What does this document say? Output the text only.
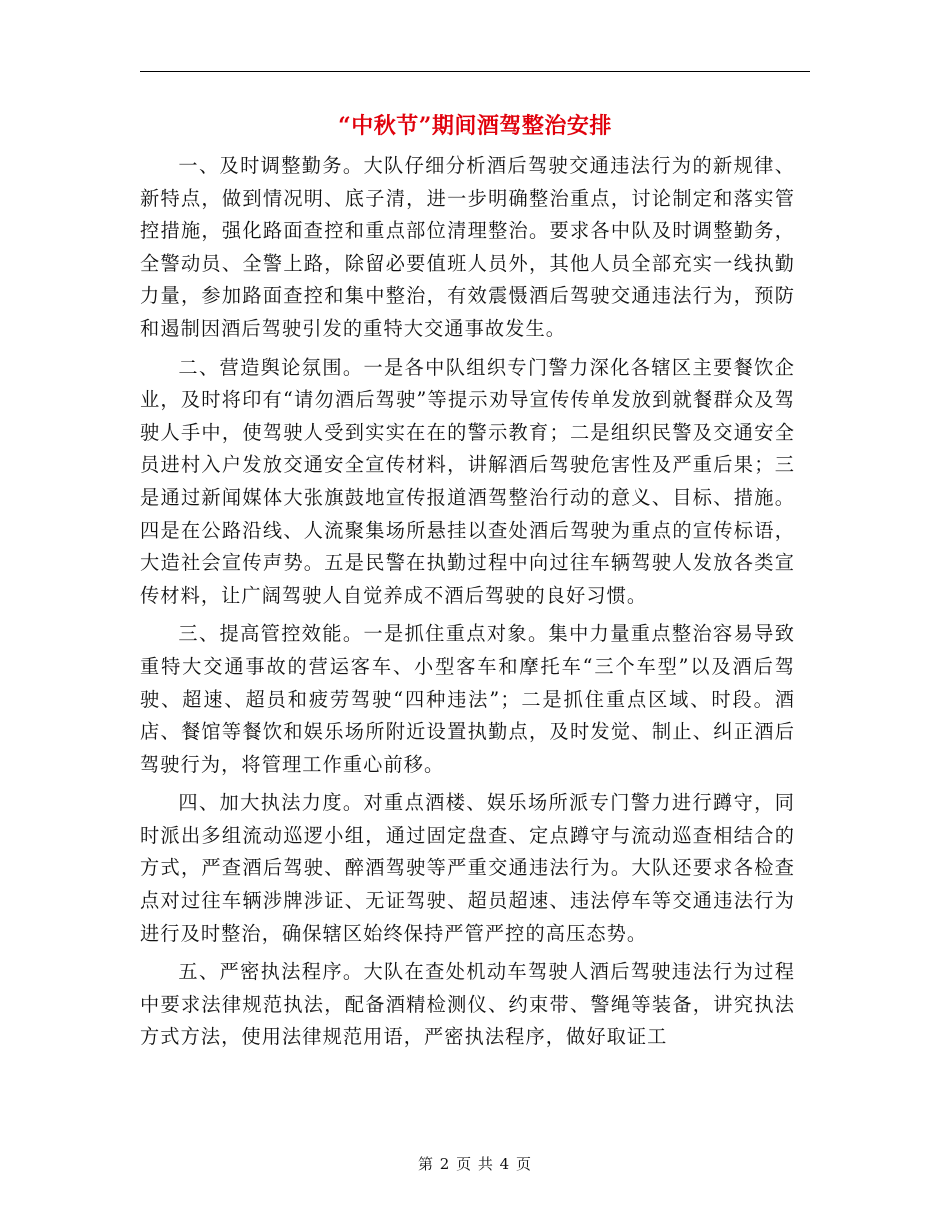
“中秋节”期间酒驾整治安排

一、及时调整勤务。大队仔细分析酒后驾驶交通违法行为的新规律、新特点，做到情况明、底子清，进一步明确整治重点，讨论制定和落实管控措施，强化路面查控和重点部位清理整治。要求各中队及时调整勤务，全警动员、全警上路，除留必要值班人员外，其他人员全部充实一线执勤力量，参加路面查控和集中整治，有效震慑酒后驾驶交通违法行为，预防和遏制因酒后驾驶引发的重特大交通事故发生。

二、营造舆论氛围。一是各中队组织专门警力深化各辖区主要餐饮企业，及时将印有“请勿酒后驾驶”等提示劝导宣传传单发放到就餐群众及驾驶人手中，使驾驶人受到实实在在的警示教育；二是组织民警及交通安全员进村入户发放交通安全宣传材料，讲解酒后驾驶危害性及严重后果；三是通过新闻媒体大张旗鼓地宣传报道酒驾整治行动的意义、目标、措施。四是在公路沿线、人流聚集场所悬挂以查处酒后驾驶为重点的宣传标语，大造社会宣传声势。五是民警在执勤过程中向过往车辆驾驶人发放各类宣传材料，让广阔驾驶人自觉养成不酒后驾驶的良好习惯。

三、提高管控效能。一是抓住重点对象。集中力量重点整治容易导致重特大交通事故的营运客车、小型客车和摩托车“三个车型”以及酒后驾驶、超速、超员和疲劳驾驶“四种违法”；二是抓住重点区域、时段。酒店、餐馆等餐饮和娱乐场所附近设置执勤点，及时发觉、制止、纠正酒后驾驶行为，将管理工作重心前移。

四、加大执法力度。对重点酒楼、娱乐场所派专门警力进行蹲守，同时派出多组流动巡逻小组，通过固定盘查、定点蹲守与流动巡查相结合的方式，严查酒后驾驶、醉酒驾驶等严重交通违法行为。大队还要求各检查点对过往车辆涉牌涉证、无证驾驶、超员超速、违法停车等交通违法行为进行及时整治，确保辖区始终保持严管严控的高压态势。

五、严密执法程序。大队在查处机动车驾驶人酒后驾驶违法行为过程中要求法律规范执法，配备酒精检测仪、约束带、警绳等装备，讲究执法方式方法，使用法律规范用语，严密执法程序，做好取证工

第 2 页 共 4 页
